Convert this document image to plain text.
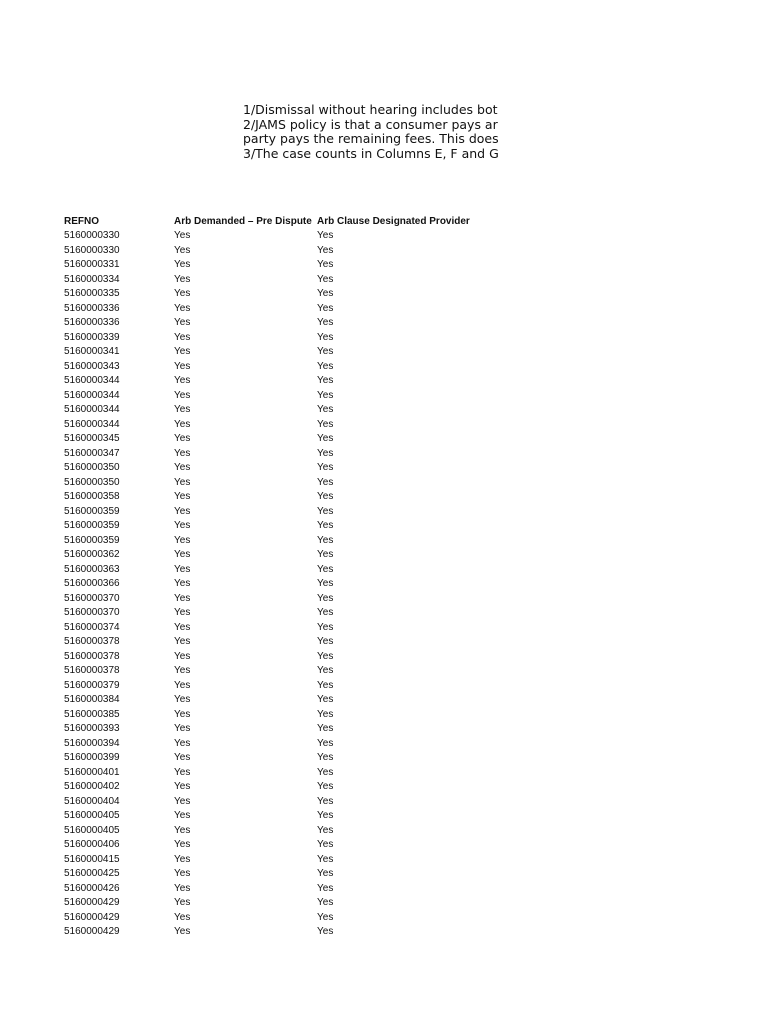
1/Dismissal without hearing includes bot
2/JAMS policy is that a consumer pays ar
party pays the remaining fees. This does
3/The case counts in Columns E, F and G
REFNO	Arb Demanded – Pre Dispute	Arb Clause Designated Provider
5160000330	Yes	Yes
5160000330	Yes	Yes
5160000331	Yes	Yes
5160000334	Yes	Yes
5160000335	Yes	Yes
5160000336	Yes	Yes
5160000336	Yes	Yes
5160000339	Yes	Yes
5160000341	Yes	Yes
5160000343	Yes	Yes
5160000344	Yes	Yes
5160000344	Yes	Yes
5160000344	Yes	Yes
5160000344	Yes	Yes
5160000345	Yes	Yes
5160000347	Yes	Yes
5160000350	Yes	Yes
5160000350	Yes	Yes
5160000358	Yes	Yes
5160000359	Yes	Yes
5160000359	Yes	Yes
5160000359	Yes	Yes
5160000362	Yes	Yes
5160000363	Yes	Yes
5160000366	Yes	Yes
5160000370	Yes	Yes
5160000370	Yes	Yes
5160000374	Yes	Yes
5160000378	Yes	Yes
5160000378	Yes	Yes
5160000378	Yes	Yes
5160000379	Yes	Yes
5160000384	Yes	Yes
5160000385	Yes	Yes
5160000393	Yes	Yes
5160000394	Yes	Yes
5160000399	Yes	Yes
5160000401	Yes	Yes
5160000402	Yes	Yes
5160000404	Yes	Yes
5160000405	Yes	Yes
5160000405	Yes	Yes
5160000406	Yes	Yes
5160000415	Yes	Yes
5160000425	Yes	Yes
5160000426	Yes	Yes
5160000429	Yes	Yes
5160000429	Yes	Yes
5160000429	Yes	Yes
